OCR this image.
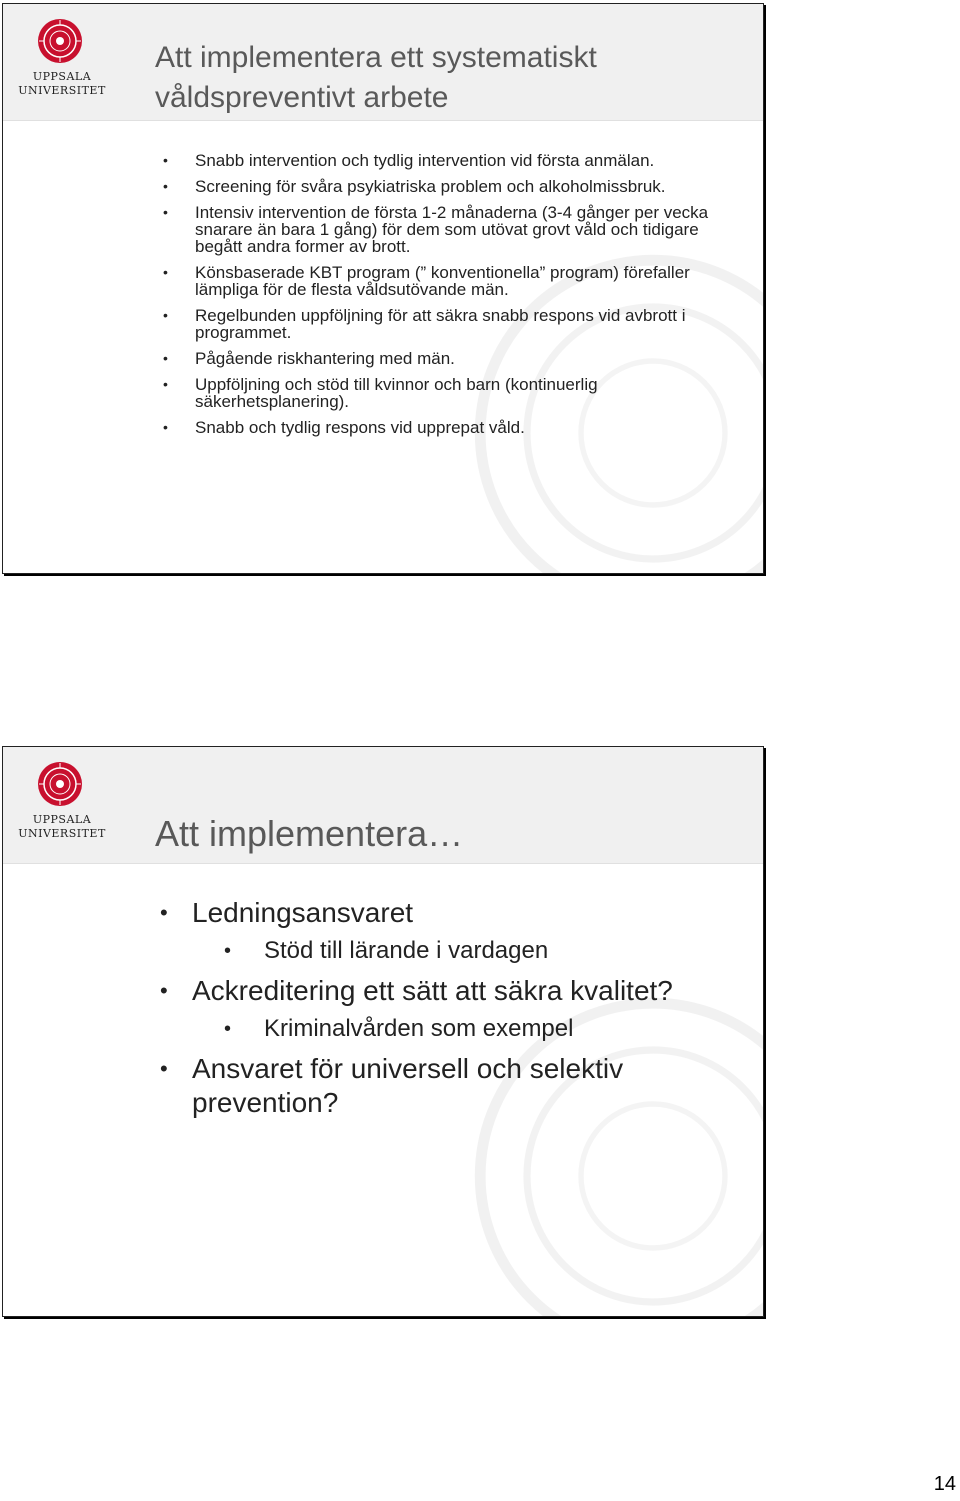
UPPSALA
UNIVERSITET
Att implementera ett systematiskt våldspreventivt arbete
• Snabb intervention och tydlig intervention vid första anmälan.
• Screening för svåra psykiatriska problem och alkoholmissbruk.
• Intensiv intervention de första 1-2 månaderna (3-4 gånger per vecka snarare än bara 1 gång) för dem som utövat grovt våld och tidigare begått andra former av brott.
• Könsbaserade KBT program (” konventionella” program) förefaller lämpliga för de flesta våldsutövande män.
• Regelbunden uppföljning för att säkra snabb respons vid avbrott i programmet.
• Pågående riskhantering med män.
• Uppföljning och stöd till kvinnor och barn (kontinuerlig säkerhetsplanering).
• Snabb och tydlig respons vid upprepat våld.
UPPSALA
UNIVERSITET Att implementera…
• Ledningsansvaret
• Stöd till lärande i vardagen
• Ackreditering ett sätt att säkra kvalitet?
• Kriminalvården som exempel
• Ansvaret för universell och selektiv prevention?
14
